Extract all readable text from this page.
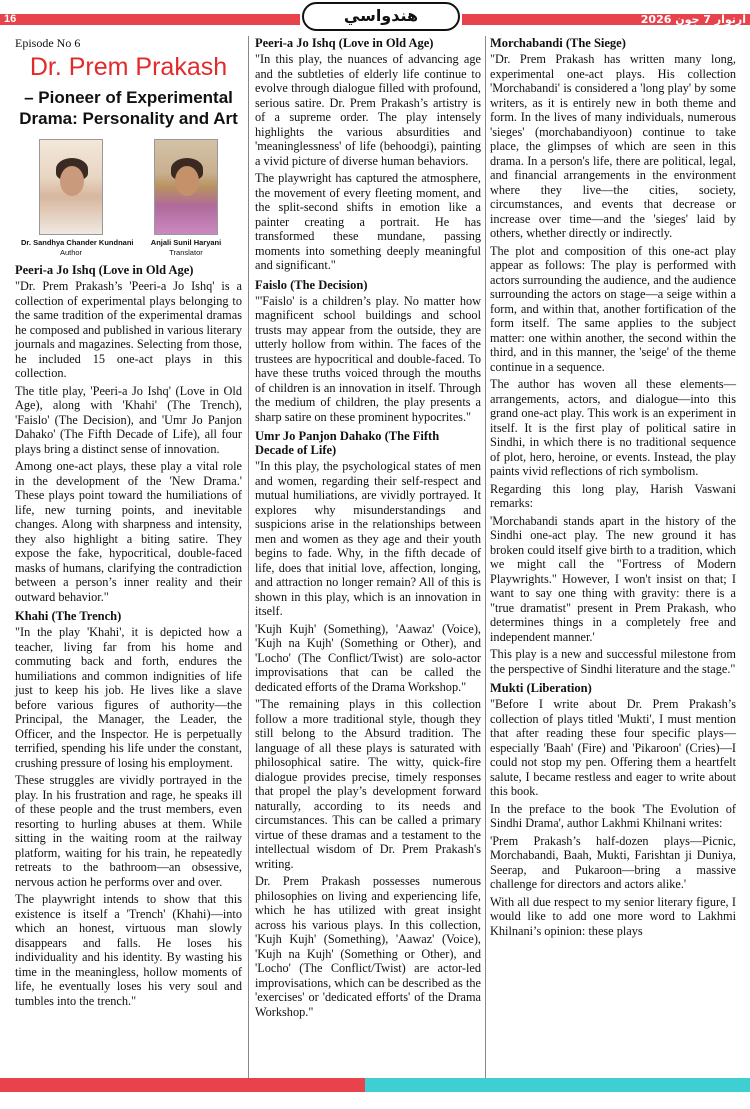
16	هندواسي	آرتوار 7 جون 2026
Episode No 6
Dr. Prem Prakash
– Pioneer of Experimental Drama: Personality and Art
Dr. Sandhya Chander Kundnani
Author
Anjali Sunil Haryani
Translator
Peeri-a Jo Ishq (Love in Old Age)

"Dr. Prem Prakash’s 'Peeri-a Jo Ishq' is a collection of experimental plays belonging to the same tradition of the experimental dramas he composed and published in various literary journals and magazines. Selecting from those, he included 15 one-act plays in this collection.

The title play, 'Peeri-a Jo Ishq' (Love in Old Age), along with 'Khahi' (The Trench), 'Faislo' (The Decision), and 'Umr Jo Panjon Dahako' (The Fifth Decade of Life), all four plays bring a distinct sense of innovation.

Among one-act plays, these play a vital role in the development of the 'New Drama.' These plays point toward the humiliations of life, new turning points, and inevitable changes. Along with sharpness and intensity, they also highlight a biting satire. They expose the fake, hypocritical, double-faced masks of humans, clarifying the contradiction between a person’s inner reality and their outward behavior."

Khahi (The Trench)

"In the play 'Khahi', it is depicted how a teacher, living far from his home and commuting back and forth, endures the humiliations and common indignities of life just to keep his job. He lives like a slave before various figures of authority—the Principal, the Manager, the Leader, the Officer, and the Inspector. He is perpetually terrified, spending his life under the constant, crushing pressure of losing his employment.

These struggles are vividly portrayed in the play. In his frustration and rage, he speaks ill of these people and the trust members, even resorting to hurling abuses at them. While sitting in the waiting room at the railway platform, waiting for his train, he repeatedly retreats to the bathroom—an obsessive, nervous action he performs over and over.

The playwright intends to show that this existence is itself a 'Trench' (Khahi)—into which an honest, virtuous man slowly disappears and falls. He loses his individuality and his identity. By wasting his time in the meaningless, hollow moments of life, he eventually loses his very soul and tumbles into the trench."

Peeri-a Jo Ishq (Love in Old Age)

"In this play, the nuances of advancing age and the subtleties of elderly life continue to evolve through dialogue filled with profound, serious satire. Dr. Prem Prakash’s artistry is of a supreme order. The play intensely highlights the various absurdities and 'meaninglessness' of life (behoodgi), painting a vivid picture of diverse human behaviors.

The playwright has captured the atmosphere, the movement of every fleeting moment, and the split-second shifts in emotion like a painter creating a portrait. He has transformed these mundane, passing moments into something deeply meaningful and significant."

Faislo (The Decision)

"'Faislo' is a children’s play. No matter how magnificent school buildings and school trusts may appear from the outside, they are utterly hollow from within. The faces of the trustees are hypocritical and double-faced. To have these truths voiced through the mouths of children is an innovation in itself. Through the medium of children, the play presents a sharp satire on these prominent hypocrites."

Umr Jo Panjon Dahako (The Fifth Decade of Life)

"In this play, the psychological states of men and women, regarding their self-respect and mutual humiliations, are vividly portrayed. It explores why misunderstandings and suspicions arise in the relationships between men and women as they age and their youth begins to fade. Why, in the fifth decade of life, does that initial love, affection, longing, and attraction no longer remain? All of this is shown in this play, which is an innovation in itself.

'Kujh Kujh' (Something), 'Aawaz' (Voice), 'Kujh na Kujh' (Something or Other), and 'Locho' (The Conflict/Twist) are solo-actor improvisations that can be called the dedicated efforts of the Drama Workshop."

"The remaining plays in this collection follow a more traditional style, though they still belong to the Absurd tradition. The language of all these plays is saturated with philosophical satire. The witty, quick-fire dialogue provides precise, timely responses that propel the play’s development forward naturally, according to its needs and circumstances. This can be called a primary virtue of these dramas and a testament to the intellectual wisdom of Dr. Prem Prakash's writing.

Dr. Prem Prakash possesses numerous philosophies on living and experiencing life, which he has utilized with great insight across his various plays. In this collection, 'Kujh Kujh' (Something), 'Aawaz' (Voice), 'Kujh na Kujh' (Something or Other), and 'Locho' (The Conflict/Twist) are actor-led improvisations, which can be described as the 'exercises' or 'dedicated efforts' of the Drama Workshop."

Morchabandi (The Siege)

"Dr. Prem Prakash has written many long, experimental one-act plays. His collection 'Morchabandi' is considered a 'long play' by some writers, as it is entirely new in both theme and form. In the lives of many individuals, numerous 'sieges' (morchabandiyoon) continue to take place, the glimpses of which are seen in this drama. In a person's life, there are political, legal, and financial arrangements in the environment where they live—the cities, society, circumstances, and events that decrease or increase over time—and the 'sieges' laid by others, whether directly or indirectly.

The plot and composition of this one-act play appear as follows: The play is performed with actors surrounding the audience, and the audience surrounding the actors on stage—a seige within a form, and within that, another fortification of the form itself. The same applies to the subject matter: one within another, the second within the third, and in this manner, the 'seige' of the theme continue in a sequence.

The author has woven all these elements—arrangements, actors, and dialogue—into this grand one-act play. This work is an experiment in itself. It is the first play of political satire in Sindhi, in which there is no traditional sequence of plot, hero, heroine, or events. Instead, the play paints vivid reflections of rich symbolism.

Regarding this long play, Harish Vaswani remarks:

'Morchabandi stands apart in the history of the Sindhi one-act play. The new ground it has broken could itself give birth to a tradition, which we might call the "Fortress of Modern Playwrights." However, I won't insist on that; I want to say one thing with gravity: there is a "true dramatist" present in Prem Prakash, who determines things in a completely free and independent manner.'

This play is a new and successful milestone from the perspective of Sindhi literature and the stage."

Mukti (Liberation)

"Before I write about Dr. Prem Prakash’s collection of plays titled 'Mukti', I must mention that after reading these four specific plays—especially 'Baah' (Fire) and 'Pikaroon' (Cries)—I could not stop my pen. Offering them a heartfelt salute, I became restless and eager to write about this book.

In the preface to the book 'The Evolution of Sindhi Drama', author Lakhmi Khilnani writes:

'Prem Prakash’s half-dozen plays—Picnic, Morchabandi, Baah, Mukti, Farishtan ji Duniya, Seerap, and Pukaroon—bring a massive challenge for directors and actors alike.'

With all due respect to my senior literary figure, I would like to add one more word to Lakhmi Khilnani’s opinion: these plays
